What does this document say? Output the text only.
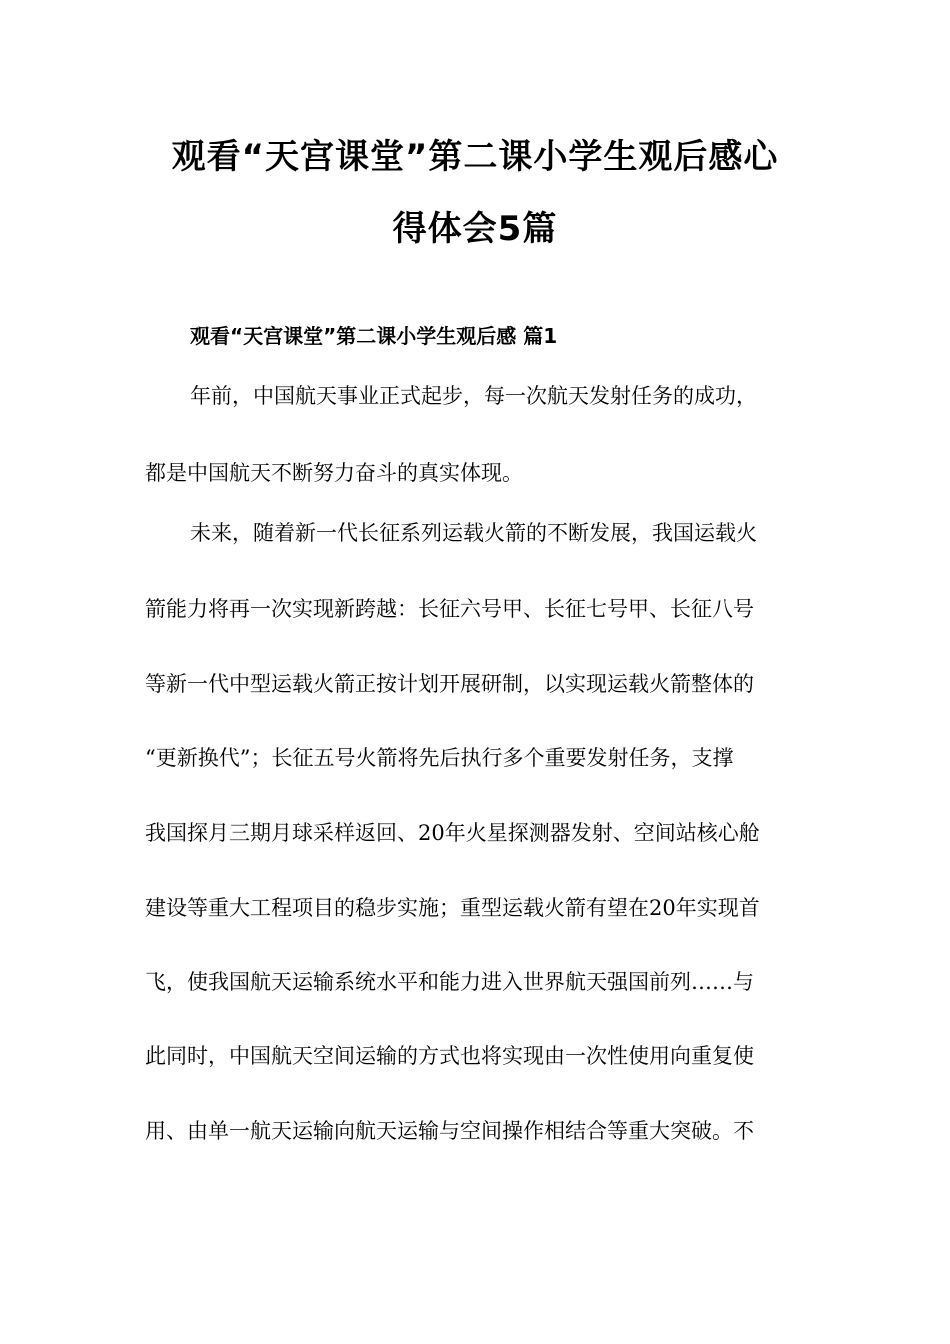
观看“天宫课堂”第二课小学生观后感心
得体会5篇
观看“天宫课堂”第二课小学生观后感 篇1
年前，中国航天事业正式起步，每一次航天发射任务的成功，
都是中国航天不断努力奋斗的真实体现。
未来，随着新一代长征系列运载火箭的不断发展，我国运载火
箭能力将再一次实现新跨越：长征六号甲、长征七号甲、长征八号
等新一代中型运载火箭正按计划开展研制，以实现运载火箭整体的
“更新换代”；长征五号火箭将先后执行多个重要发射任务，支撑
我国探月三期月球采样返回、20年火星探测器发射、空间站核心舱
建设等重大工程项目的稳步实施；重型运载火箭有望在20年实现首
飞，使我国航天运输系统水平和能力进入世界航天强国前列……与
此同时，中国航天空间运输的方式也将实现由一次性使用向重复使
用、由单一航天运输向航天运输与空间操作相结合等重大突破。不
